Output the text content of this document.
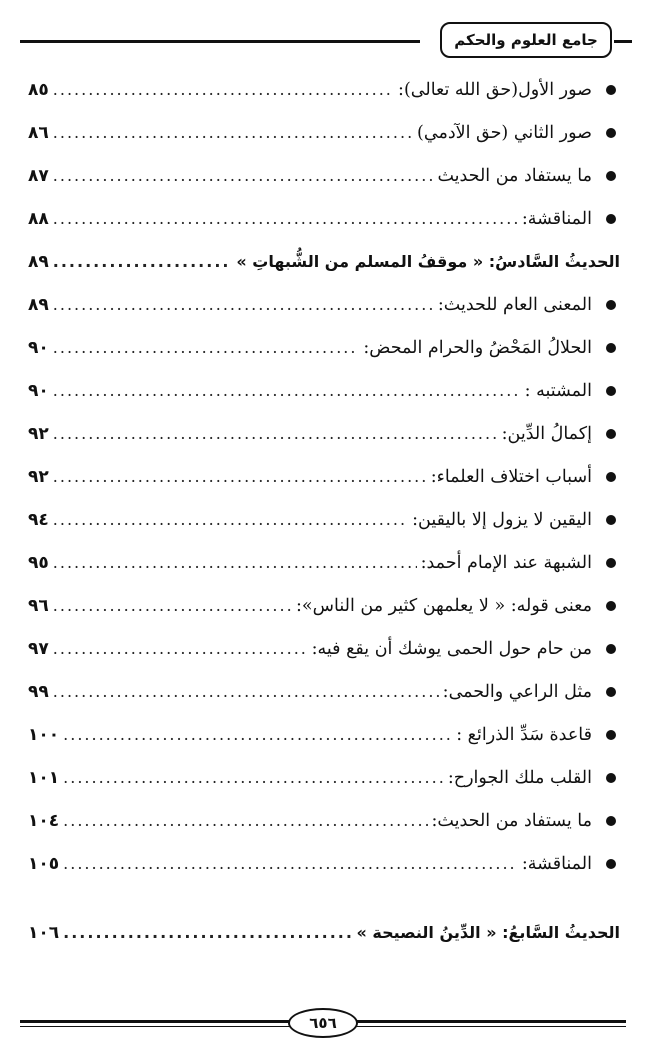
جامع العلوم والحكم
صور الأول(حق الله تعالى):
.....
٨٥
صور الثاني (حق الآدمي)
.....
٨٦
ما يستفاد من الحديث
.....
٨٧
المناقشة:
.....
٨٨
الحديثُ السَّادسُ: « موقفُ المسلم من الشُّبهاتِ »
.....
٨٩
المعنى العام للحديث:
.....
٨٩
الحلالُ المَحْضُ والحرام المحض:
.....
٩٠
المشتبه :
.....
٩٠
إكمالُ الدِّين:
.....
٩٢
أسباب اختلاف العلماء:
.....
٩٢
اليقين لا يزول إلا باليقين:
.....
٩٤
الشبهة عند الإمام أحمد:
.....
٩٥
معنى قوله: « لا يعلمهن كثير من الناس»:
.....
٩٦
من حام حول الحمى يوشك أن يقع فيه:
.....
٩٧
مثل الراعي والحمى:
.....
٩٩
قاعدة سَدِّ الذرائع :
.....
١٠٠
القلب ملك الجوارح:
.....
١٠١
ما يستفاد من الحديث:
.....
١٠٤
المناقشة:
.....
١٠٥
الحديثُ السَّابعُ: « الدِّينُ النصيحة »
.....
١٠٦
٦٥٦
